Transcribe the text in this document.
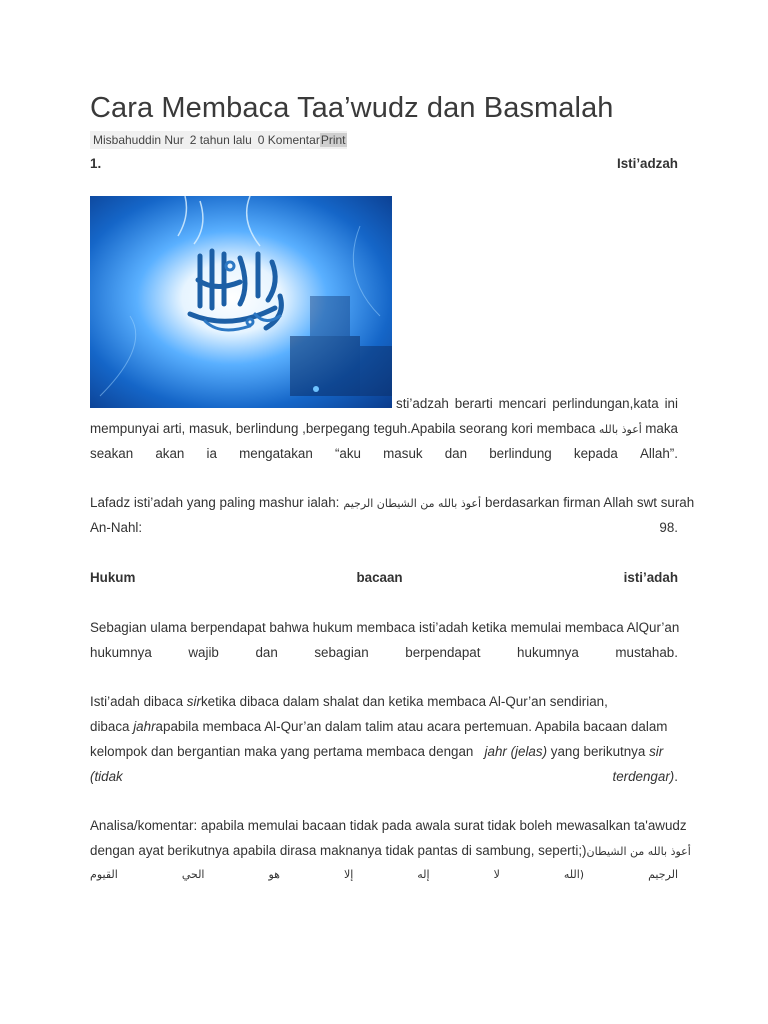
Cara Membaca Taa’wudz dan Basmalah
Misbahuddin Nur 2 tahun lalu 0 Komentar Print
1.	Isti’adzah
sti’adzah berarti mencari perlindungan,kata ini
mempunyai arti, masuk, berlindung ,berpegang teguh.Apabila seorang kori membaca أعوذ بالله maka
seakan akan ia mengatakan “aku masuk dan berlindung kepada Allah”.
Lafadz isti’adah yang paling mashur ialah: أعوذ بالله من الشيطان الرجيم berdasarkan firman Allah swt surah
An-Nahl:	98.
Hukum	bacaan	isti’adah
Sebagian ulama berpendapat bahwa hukum membaca isti’adah ketika memulai membaca AlQur’an
hukumnya	wajib	dan	sebagian	berpendapat	hukumnya	mustahab.
Isti’adah dibaca
sir ketika dibaca dalam shalat dan ketika membaca Al-Qur’an sendirian,
dibaca
jahr apabila membaca Al-Qur’an dalam talim atau acara pertemuan. Apabila bacaan dalam
kelompok dan bergantian maka yang pertama membaca dengan
jahr (jelas)
yang berikutnya
sir
(tidak	terdengar).
Analisa/komentar: apabila memulai bacaan tidak pada awala surat tidak boleh mewasalkan ta'awudz
dengan ayat berikutnya apabila dirasa maknanya tidak pantas di sambung, seperti;) أعوذ بالله من الشيطان
الرجيم
(الله
لا
إله
إلا
هو
الحي
القيوم
